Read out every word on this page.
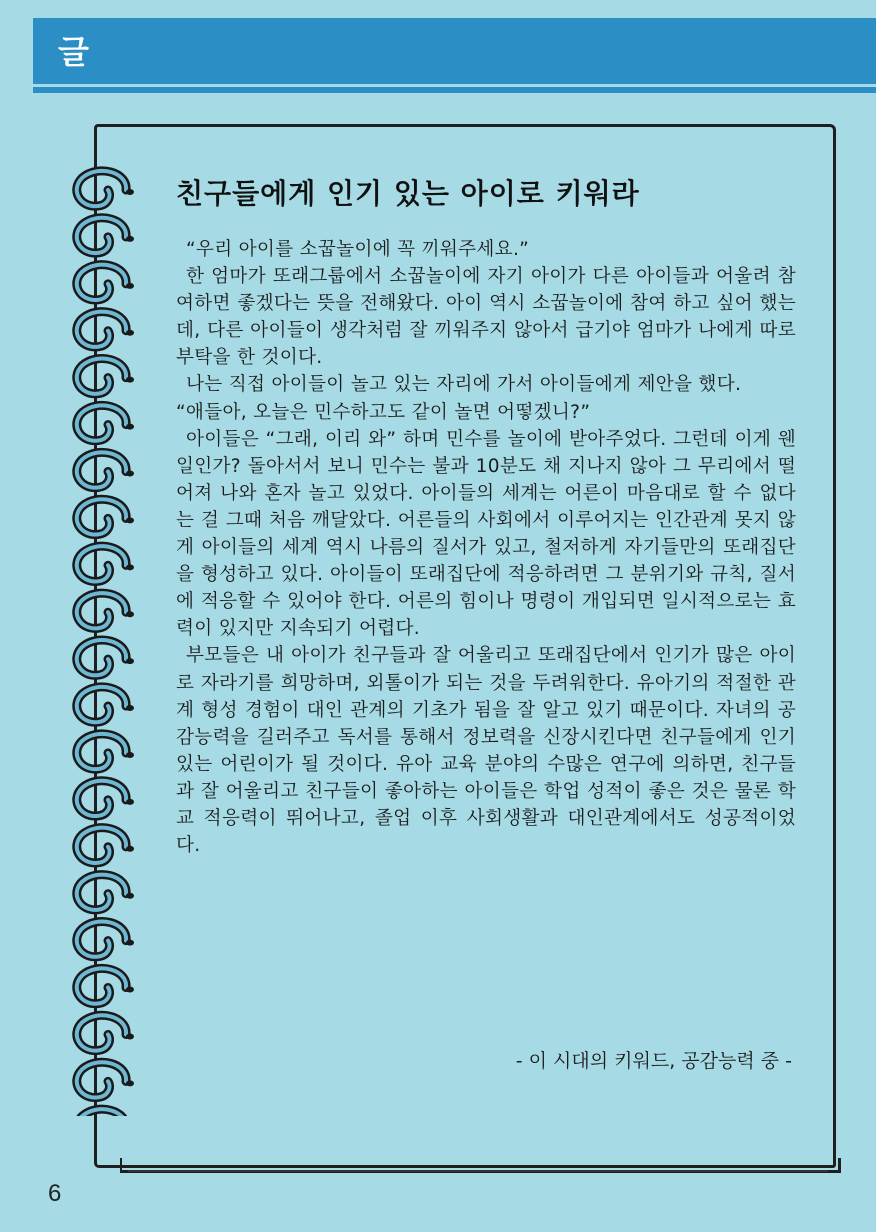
글
친구들에게 인기 있는 아이로 키워라

“우리 아이를 소꿉놀이에 꼭 끼워주세요.”

한 엄마가 또래그룹에서 소꿉놀이에 자기 아이가 다른 아이들과 어울려 참여하면 좋겠다는 뜻을 전해왔다. 아이 역시 소꿉놀이에 참여 하고 싶어 했는데, 다른 아이들이 생각처럼 잘 끼워주지 않아서 급기야 엄마가 나에게 따로 부탁을 한 것이다.

나는 직접 아이들이 놀고 있는 자리에 가서 아이들에게 제안을 했다.

“애들아, 오늘은 민수하고도 같이 놀면 어떻겠니?”

아이들은 “그래, 이리 와” 하며 민수를 놀이에 받아주었다. 그런데 이게 웬일인가? 돌아서서 보니 민수는 불과 10분도 채 지나지 않아 그 무리에서 떨어져 나와 혼자 놀고 있었다. 아이들의 세계는 어른이 마음대로 할 수 없다는 걸 그때 처음 깨달았다. 어른들의 사회에서 이루어지는 인간관계 못지 않게 아이들의 세계 역시 나름의 질서가 있고, 철저하게 자기들만의 또래집단을 형성하고 있다. 아이들이 또래집단에 적응하려면 그 분위기와 규칙, 질서에 적응할 수 있어야 한다. 어른의 힘이나 명령이 개입되면 일시적으로는 효력이 있지만 지속되기 어렵다.

부모들은 내 아이가 친구들과 잘 어울리고 또래집단에서 인기가 많은 아이로 자라기를 희망하며, 외톨이가 되는 것을 두려워한다. 유아기의 적절한 관계 형성 경험이 대인 관계의 기초가 됨을 잘 알고 있기 때문이다. 자녀의 공감능력을 길러주고 독서를 통해서 정보력을 신장시킨다면 친구들에게 인기 있는 어린이가 될 것이다. 유아 교육 분야의 수많은 연구에 의하면, 친구들과 잘 어울리고 친구들이 좋아하는 아이들은 학업 성적이 좋은 것은 물론 학교 적응력이 뛰어나고, 졸업 이후 사회생활과 대인관계에서도 성공적이었다.

- 이 시대의 키워드, 공감능력 중 -
6
